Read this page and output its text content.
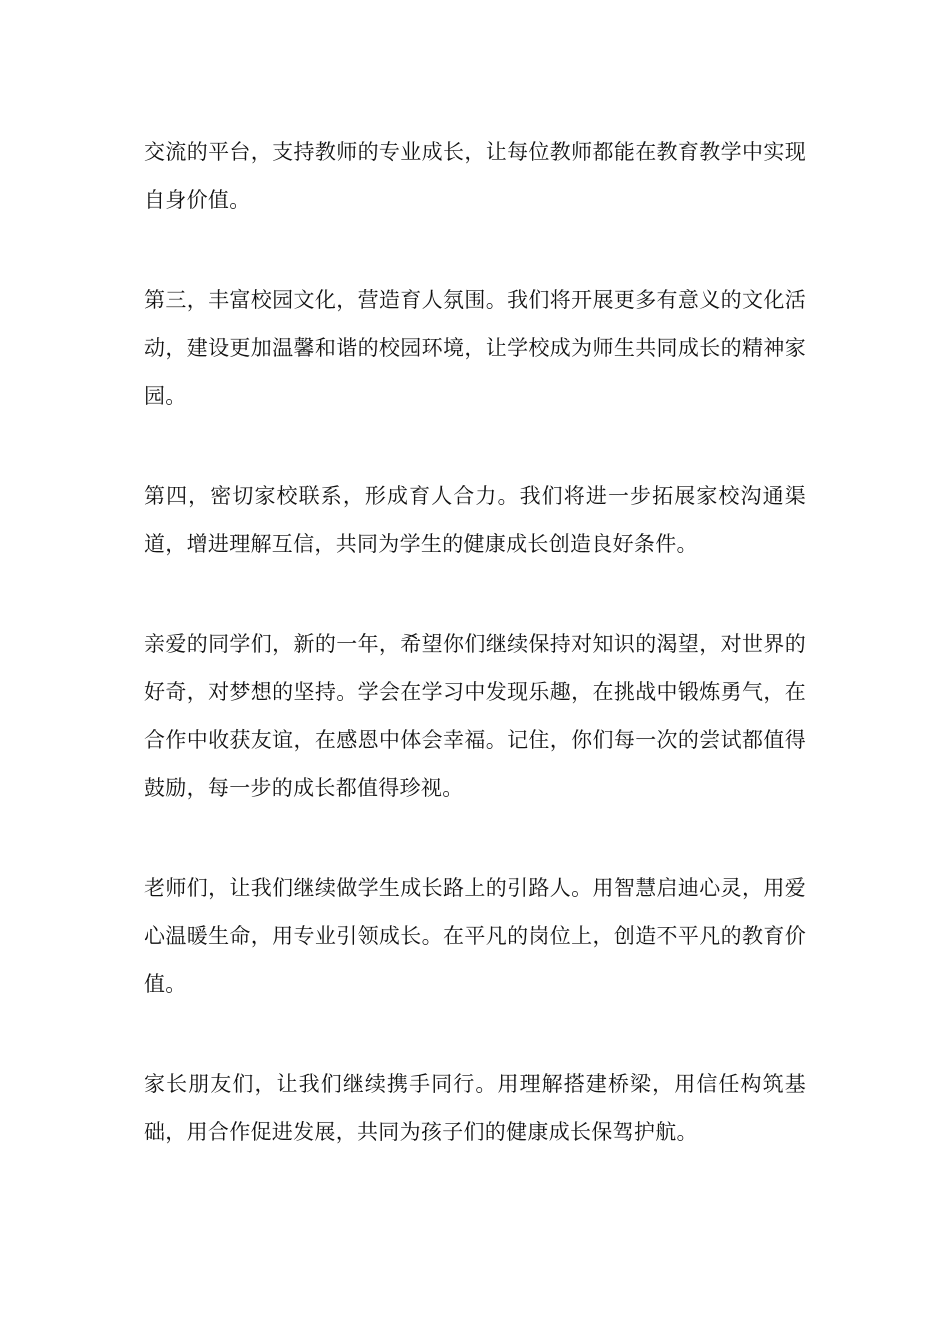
交流的平台，支持教师的专业成长，让每位教师都能在教育教学中实现自身价值。

第三，丰富校园文化，营造育人氛围。我们将开展更多有意义的文化活动，建设更加温馨和谐的校园环境，让学校成为师生共同成长的精神家园。

第四，密切家校联系，形成育人合力。我们将进一步拓展家校沟通渠道，增进理解互信，共同为学生的健康成长创造良好条件。

亲爱的同学们，新的一年，希望你们继续保持对知识的渴望，对世界的好奇，对梦想的坚持。学会在学习中发现乐趣，在挑战中锻炼勇气，在合作中收获友谊，在感恩中体会幸福。记住，你们每一次的尝试都值得鼓励，每一步的成长都值得珍视。

老师们，让我们继续做学生成长路上的引路人。用智慧启迪心灵，用爱心温暖生命，用专业引领成长。在平凡的岗位上，创造不平凡的教育价值。

家长朋友们，让我们继续携手同行。用理解搭建桥梁，用信任构筑基础，用合作促进发展，共同为孩子们的健康成长保驾护航。
